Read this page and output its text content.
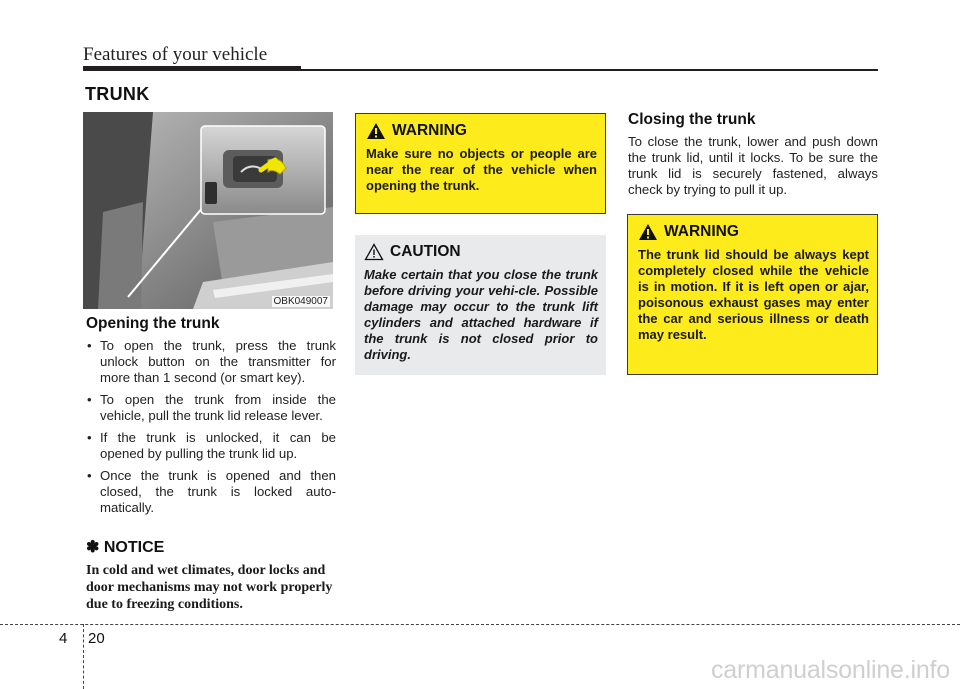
Features of your vehicle
TRUNK
OBK049007
Opening the trunk
• To open the trunk, press the trunk unlock button on the transmitter for more than 1 second (or smart key).
• To open the trunk from inside the vehicle, pull the trunk lid release lever.
• If the trunk is unlocked, it can be opened by pulling the trunk lid up.
• Once the trunk is opened and then closed, the trunk is locked auto-matically.
✽ NOTICE
In cold and wet climates, door locks and door mechanisms may not work properly due to freezing conditions.
WARNING
Make sure no objects or people are near the rear of the vehicle when opening the trunk.
CAUTION
Make certain that you close the trunk before driving your vehi-cle. Possible damage may occur to the trunk lift cylinders and attached hardware if the trunk is not closed prior to driving.
Closing the trunk
To close the trunk, lower and push down the trunk lid, until it locks. To be sure the trunk lid is securely fastened, always check by trying to pull it up.
WARNING
The trunk lid should be always kept completely closed while the vehicle is in motion. If it is left open or ajar, poisonous exhaust gases may enter the car and serious illness or death may result.
4 20
carmanualsonline.info
